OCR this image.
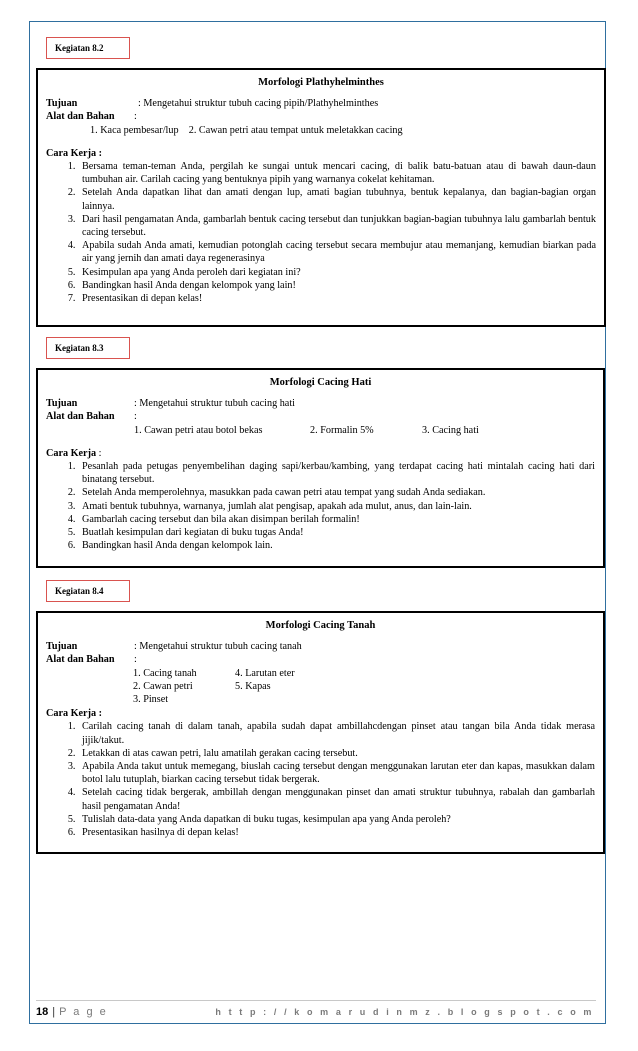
Kegiatan 8.2
Morfologi Plathyhelminthes
Tujuan	: Mengetahui struktur tubuh cacing pipih/Plathyhelminthes
Alat dan Bahan	:
1. Kaca pembesar/lup    2. Cawan petri atau tempat untuk meletakkan cacing
Cara Kerja :
1. Bersama teman-teman Anda, pergilah ke sungai untuk mencari cacing, di balik batu-batuan atau di bawah daun-daun tumbuhan air. Carilah cacing yang bentuknya pipih yang warnanya cokelat kehitaman.
2. Setelah Anda dapatkan lihat dan amati dengan lup, amati bagian tubuhnya, bentuk kepalanya, dan bagian-bagian organ lainnya.
3. Dari hasil pengamatan Anda, gambarlah bentuk cacing tersebut dan tunjukkan bagian-bagian tubuhnya lalu gambarlah bentuk cacing tersebut.
4. Apabila sudah Anda amati, kemudian potonglah cacing tersebut secara membujur atau memanjang, kemudian biarkan pada air yang jernih dan amati daya regenerasinya
5. Kesimpulan apa yang Anda peroleh dari kegiatan ini?
6. Bandingkan hasil Anda dengan kelompok yang lain!
7. Presentasikan di depan kelas!
Kegiatan 8.3
Morfologi Cacing Hati
Tujuan	: Mengetahui struktur tubuh cacing hati
Alat dan Bahan	:
1. Cawan petri atau botol bekas	2. Formalin 5%	3. Cacing hati
Cara Kerja :
1. Pesanlah pada petugas penyembelihan daging sapi/kerbau/kambing, yang terdapat cacing hati mintalah cacing hati dari binatang tersebut.
2. Setelah Anda memperolehnya, masukkan pada cawan petri atau tempat yang sudah Anda sediakan.
3. Amati bentuk tubuhnya, warnanya, jumlah alat pengisap, apakah ada mulut, anus, dan lain-lain.
4. Gambarlah cacing tersebut dan bila akan disimpan berilah formalin!
5. Buatlah kesimpulan dari kegiatan di buku tugas Anda!
6. Bandingkan hasil Anda dengan kelompok lain.
Kegiatan 8.4
Morfologi Cacing Tanah
Tujuan	: Mengetahui struktur tubuh cacing tanah
Alat dan Bahan	:
1. Cacing tanah	4. Larutan eter
2. Cawan petri	5. Kapas
3. Pinset
Cara Kerja :
1. Carilah cacing tanah di dalam tanah, apabila sudah dapat ambillahcdengan pinset atau tangan bila Anda tidak merasa jijik/takut.
2. Letakkan di atas cawan petri, lalu amatilah gerakan cacing tersebut.
3. Apabila Anda takut untuk memegang, biuslah cacing tersebut dengan menggunakan larutan eter dan kapas, masukkan dalam botol lalu tutuplah, biarkan cacing tersebut tidak bergerak.
4. Setelah cacing tidak bergerak, ambillah dengan menggunakan pinset dan amati struktur tubuhnya, rabalah dan gambarlah hasil pengamatan Anda!
5. Tulislah data-data yang Anda dapatkan di buku tugas, kesimpulan apa yang Anda peroleh?
6. Presentasikan hasilnya di depan kelas!
18 | P a g e	h t t p : / / k o m a r u d i n m z . b l o g s p o t . c o m
